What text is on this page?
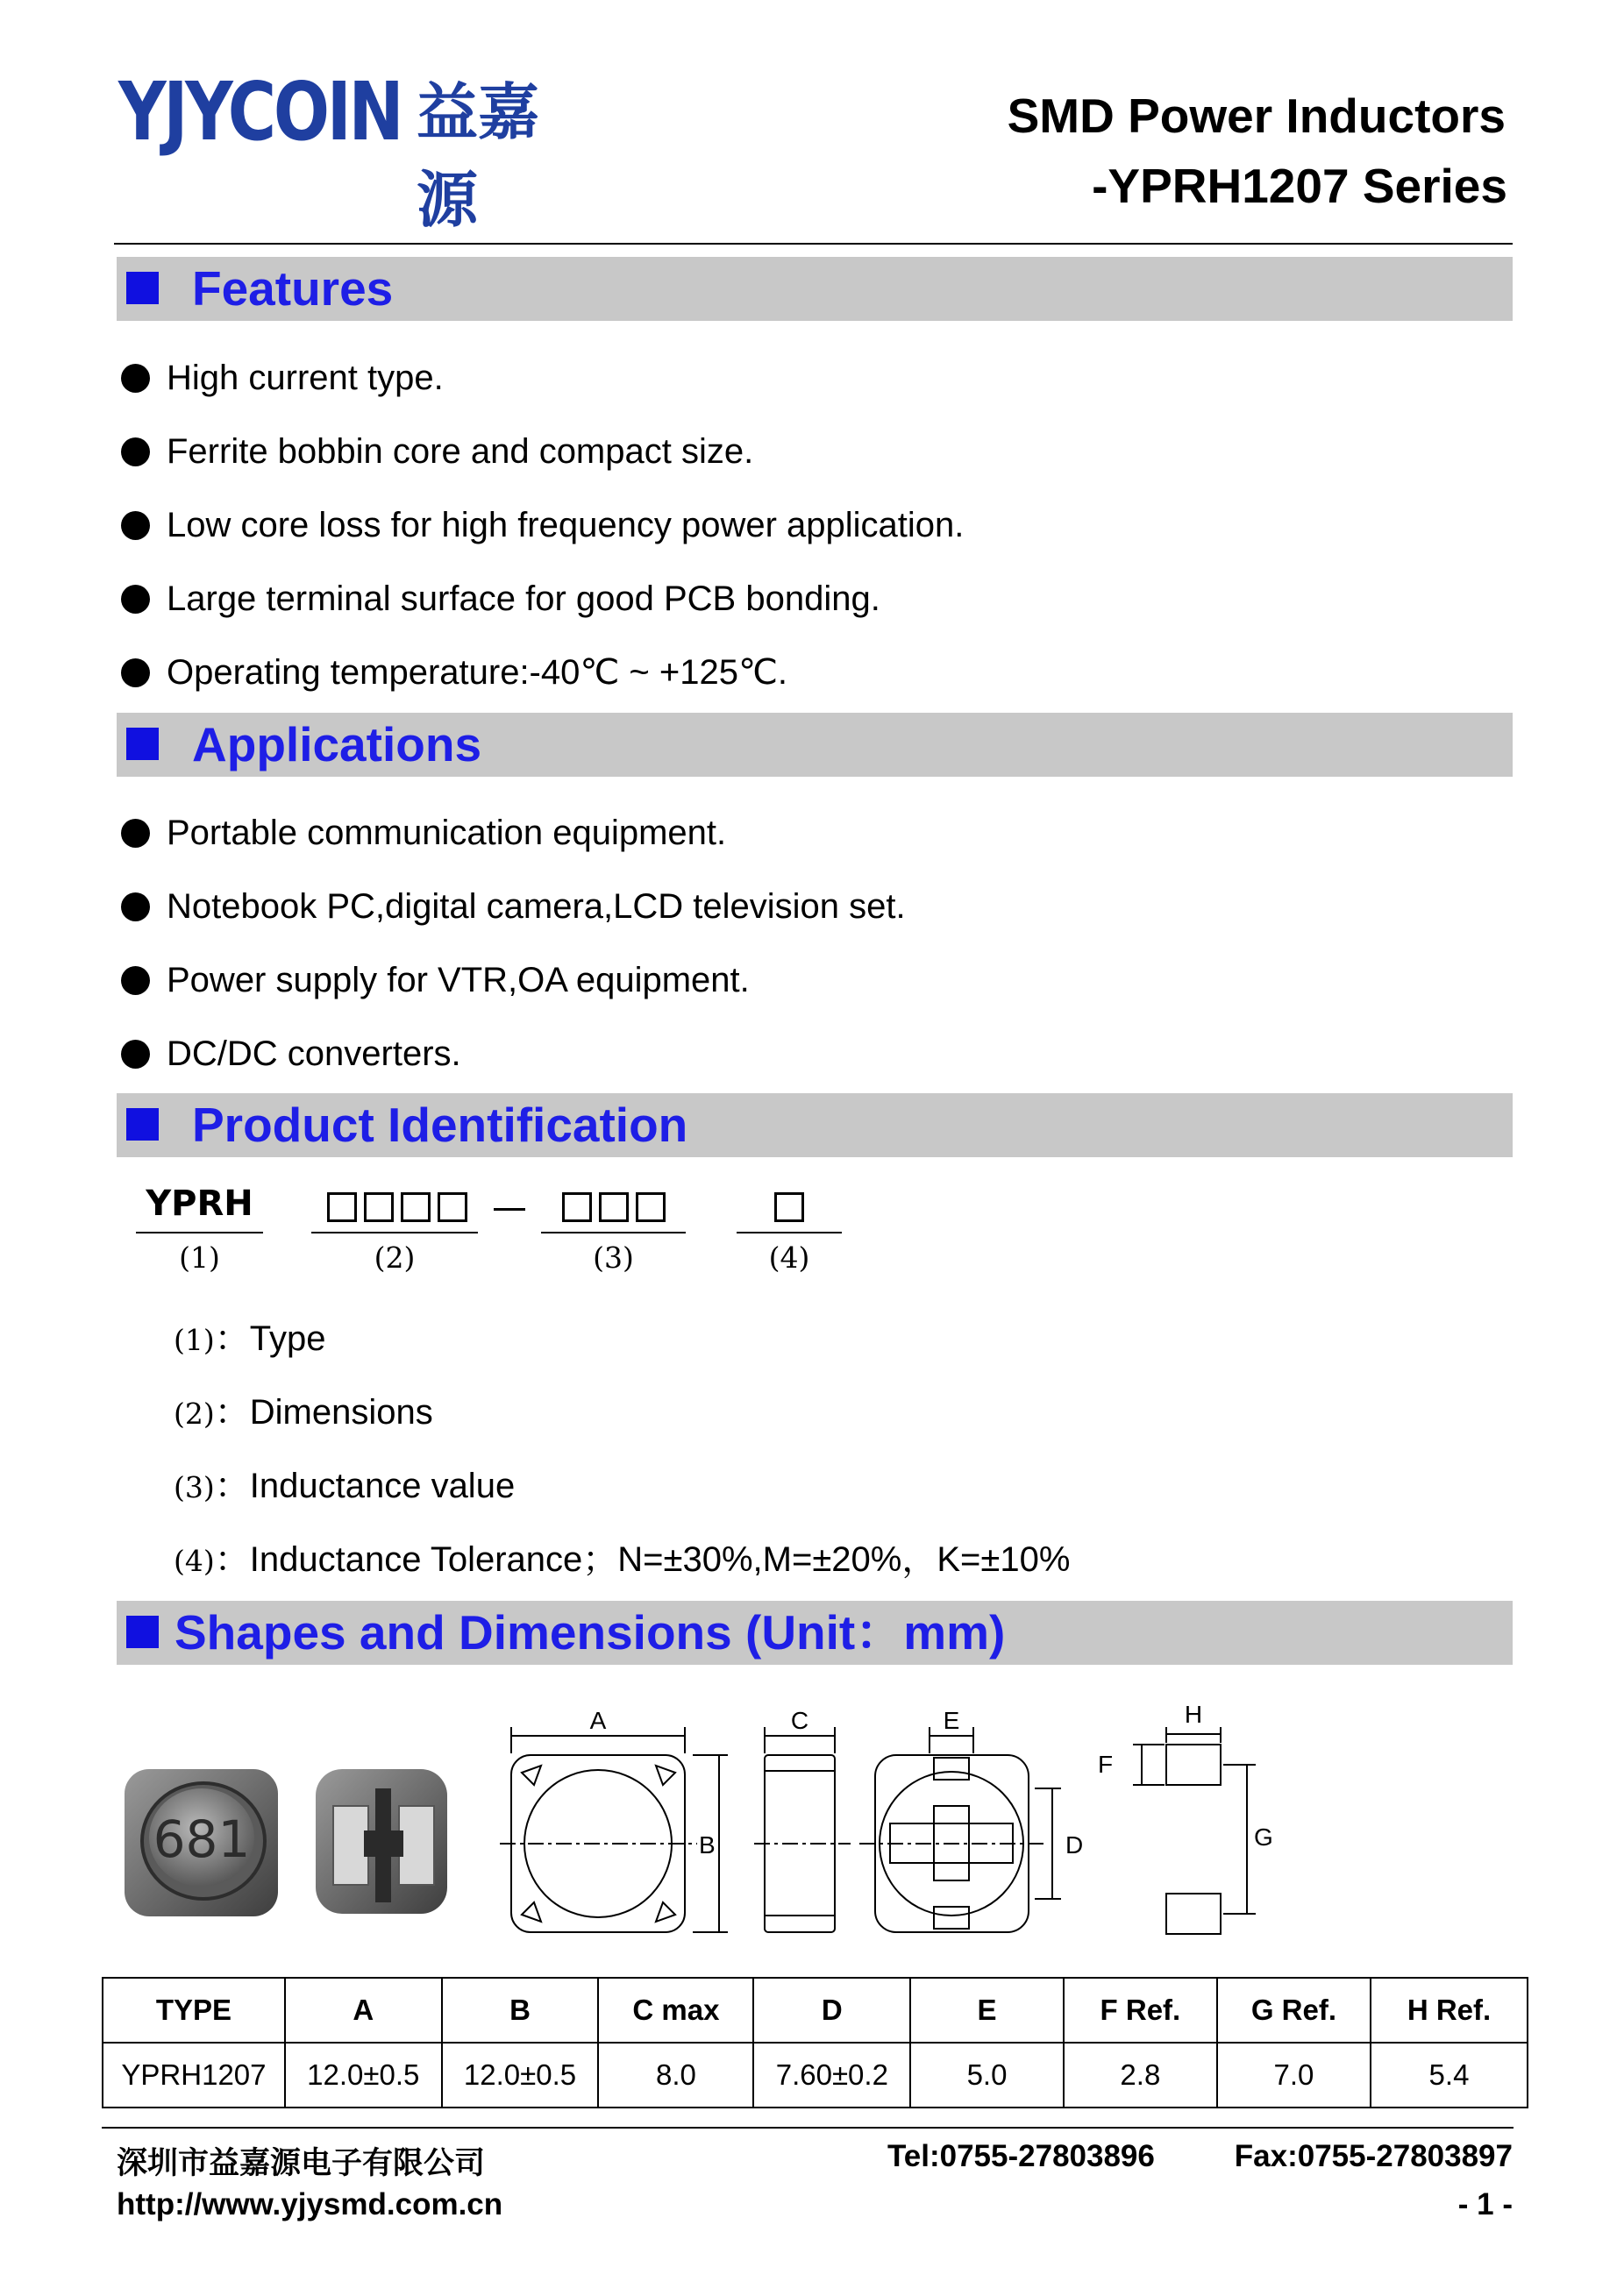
YJYCOIN 益嘉源
SMD Power Inductors
-YPRH1207 Series
Features
High current type.
Ferrite bobbin core and compact size.
Low core loss for high frequency power application.
Large terminal surface for good PCB bonding.
Operating temperature:-40℃ ~ +125℃.
Applications
Portable communication equipment.
Notebook PC,digital camera,LCD television set.
Power supply for VTR,OA equipment.
DC/DC converters.
Product Identification
YPRH
(1)	(2)	(3)	(4)
(1)：Type
(2)：Dimensions
(3)：Inductance value
(4)：Inductance Tolerance；N=±30%,M=±20%，K=±10%
Shapes and Dimensions (Unit：mm)
681
A
B
C	E
D
H
F
G
TYPE	A	B	C max	D	E	F Ref.	G Ref.	H Ref.
YPRH1207	12.0±0.5	12.0±0.5	8.0	7.60±0.2	5.0	2.8	7.0	5.4
深圳市益嘉源电子有限公司	Tel:0755-27803896	Fax:0755-27803897
http://www.yjysmd.com.cn	- 1 -
